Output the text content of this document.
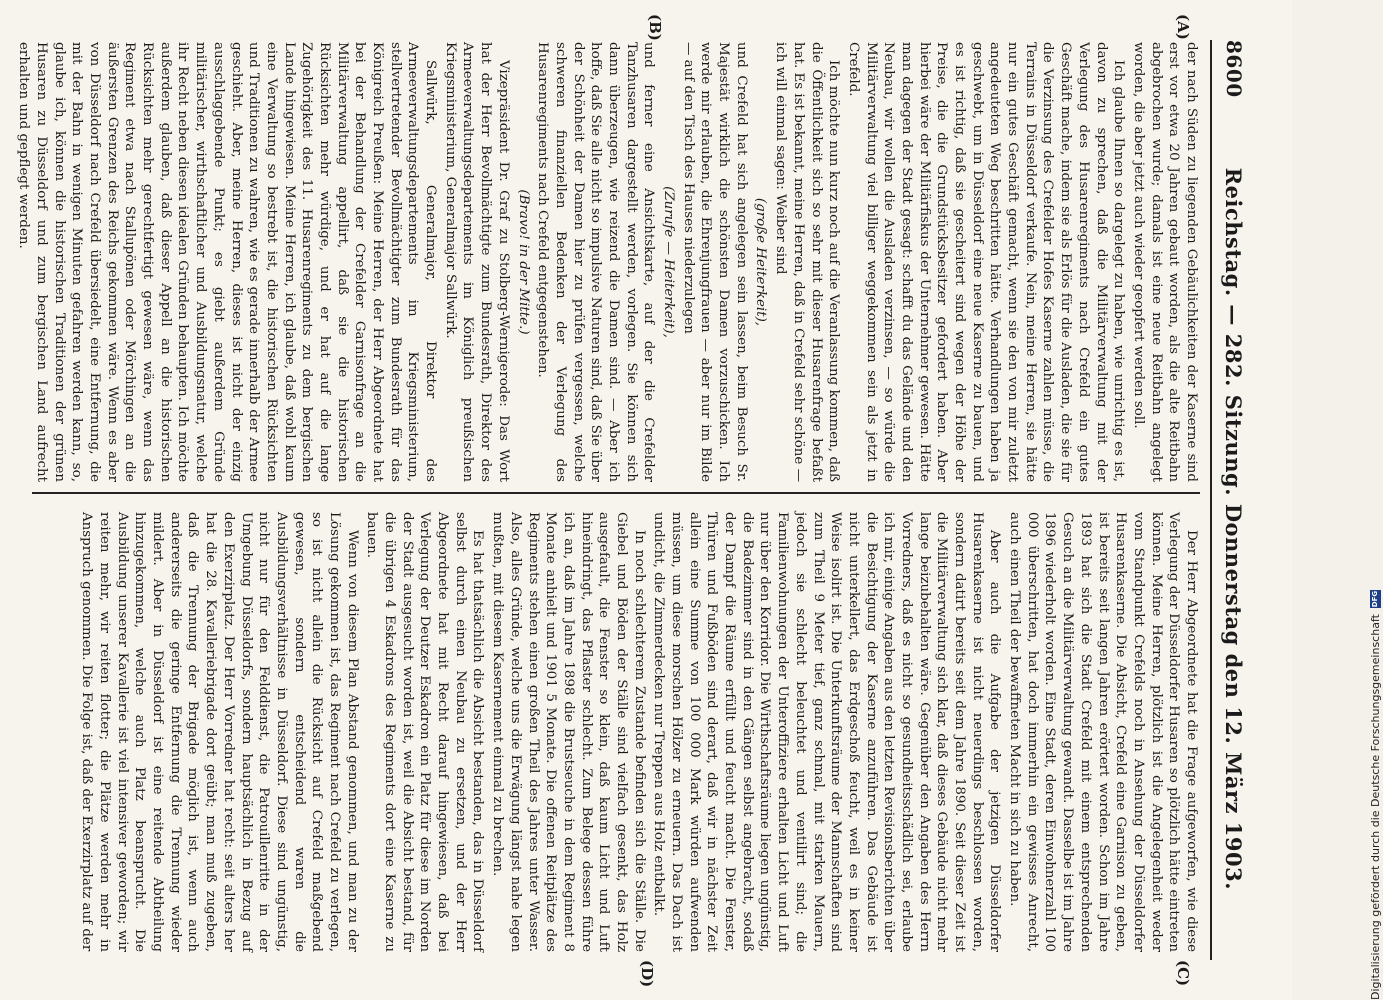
8600
Reichstag. — 282. Sitzung. Donnerstag den 12. März 1903.
(A)
(B)
(C)
(D)

der nach Süden zu liegenden Gebäulichkeiten der Kaserne sind erst vor etwa 20 Jahren gebaut worden, als die alte Reitbahn abgebrochen wurde; damals ist eine neue Reitbahn angelegt worden, die aber jetzt auch wieder geopfert werden soll.

Ich glaube Ihnen so dargelegt zu haben, wie unrichtig es ist, davon zu sprechen, daß die Militärverwaltung mit der Verlegung des Husarenregiments nach Crefeld ein gutes Geschäft mache, indem sie als Erlös für die Ausladen, die sie für die Verzinsung des Crefelder Hofes Kaserne zahlen müsse, die Terrains in Düsseldorf verkaufe. Nein, meine Herren, sie hätte nur ein gutes Geschäft gemacht, wenn sie den von mir zuletzt angedeuteten Weg beschritten hätte. Verhandlungen haben ja geschwebt, um in Düsseldorf eine neue Kaserne zu bauen, und es ist richtig, daß sie gescheitert sind wegen der Höhe der Preise, die die Grundstücksbesitzer gefordert haben. Aber hierbei wäre der Militärfiskus der Unternehmer gewesen. Hätte man dagegen der Stadt gesagt: schafft du das Gelände und den Neubau, wir wollen die Ausladen verzinsen, — so würde die Militärverwaltung viel billiger weggekommen sein als jetzt in Crefeld.

Ich möchte nun kurz noch auf die Veranlassung kommen, daß die Öffentlichkeit sich so sehr mit dieser Husarenfrage befaßt hat. Es ist bekannt, meine Herren, daß in Crefeld sehr schöne — ich will einmal sagen: Weiber sind

(große Heiterkeit),

und Crefeld hat sich angelegen sein lassen, beim Besuch Sr. Majestät wirklich die schönsten Damen vorzuschicken. Ich werde mir erlauben, die Ehrenjungfrauen — aber nur im Bilde — auf den Tisch des Hauses niederzulegen

(Zurufe — Heiterkeit),

und ferner eine Ansichtskarte, auf der die Crefelder Tanzhusaren dargestellt werden, vorlegen. Sie können sich dann überzeugen, wie reizend die Damen sind. — Aber ich hoffe, daß Sie alle nicht so impulsive Naturen sind, daß Sie über der Schönheit der Damen hier zu prüfen vergessen, welche schweren finanziellen Bedenken der Verlegung des Husarenregiments nach Crefeld entgegenstehen.

(Bravo! in der Mitte.)

Vizepräsident Dr. Graf zu Stolberg-Wernigerode: Das Wort hat der Herr Bevollmächtigte zum Bundesrath, Direktor des Armeeverwaltungsdepartements im Königlich preußischen Kriegsministerium, Generalmajor Sallwürk.

Sallwürk, Generalmajor, Direktor des Armeeverwaltungsdepartements im Kriegsministerium, stellvertretender Bevollmächtigter zum Bundesrath für das Königreich Preußen: Meine Herren, der Herr Abgeordnete hat bei der Behandlung der Crefelder Garnisonfrage an die Militärverwaltung appellirt, daß sie die historischen Rücksichten mehr würdige, und er hat auf die lange Zugehörigkeit des 11. Husarenregiments zu dem bergischen Lande hingewiesen. Meine Herren, ich glaube, daß wohl kaum eine Verwaltung so bestrebt ist, die historischen Rücksichten und Traditionen zu wahren, wie es gerade innerhalb der Armee geschieht. Aber, meine Herren, dieses ist nicht der einzig ausschlaggebende Punkt; es giebt außerdem Gründe militärischer, wirthschaftlicher und Ausbildungsnatur, welche ihr Recht neben diesen idealen Gründen behaupten. Ich möchte außerdem glauben, daß dieser Appell an die historischen Rücksichten mehr gerechtfertigt gewesen wäre, wenn das Regiment etwa nach Stallupönen oder Mörchingen an die äußersten Grenzen des Reichs gekommen wäre. Wenn es aber von Düsseldorf nach Crefeld übersiedelt, eine Entfernung, die mit der Bahn in wenigen Minuten gefahren werden kann, so, glaube ich, können die historischen Traditionen der grünen Husaren zu Düsseldorf und zum bergischen Land aufrecht erhalten und gepflegt werden.

Der Herr Abgeordnete hat die Frage aufgeworfen, wie diese Verlegung der Düsseldorfer Husaren so plötzlich hätte eintreten können. Meine Herren, plötzlich ist die Angelegenheit weder vom Standpunkt Crefelds noch in Ansehung der Düsseldorfer Husarenkaserne. Die Absicht, Crefeld eine Garnison zu geben, ist bereits seit langen Jahren erörtert worden. Schon im Jahre 1893 hat sich die Stadt Crefeld mit einem entsprechenden Gesuch an die Militärverwaltung gewandt. Dasselbe ist im Jahre 1896 wiederholt worden. Eine Stadt, deren Einwohnerzahl 100 000 überschritten, hat doch immerhin ein gewisses Anrecht, auch einen Theil der bewaffneten Macht in sich zu haben.

Aber auch die Aufgabe der jetzigen Düsseldorfer Husarenkaserne ist nicht neuerdings beschlossen worden, sondern datirt bereits seit dem Jahre 1890. Seit dieser Zeit ist die Militärverwaltung sich klar, daß dieses Gebäude nicht mehr lange beizubehalten wäre. Gegenüber den Angaben des Herrn Vorredners, daß es nicht so gesundheitsschädlich sei, erlaube ich mir, einige Angaben aus den letzten Revisionsberichten über die Besichtigung der Kaserne anzuführen. Das Gebäude ist nicht unterkellert, das Erdgeschoß feucht, weil es in keiner Weise isolirt ist. Die Unterkunftsräume der Mannschaften sind zum Theil 9 Meter tief, ganz schmal, mit starken Mauern, jedoch sie schlecht beleuchtet und ventilirt sind; die Familienwohnungen der Unteroffiziere erhalten Licht und Luft nur über den Korridor. Die Wirthschaftsräume liegen ungünstig, die Badezimmer sind in den Gängen selbst angebracht, sodaß der Dampf die Räume erfüllt und feucht macht. Die Fenster, Thüren und Fußböden sind derart, daß wir in nächster Zeit allein eine Summe von 100 000 Mark würden aufwenden müssen, um diese morschen Hölzer zu erneuern. Das Dach ist undicht, die Zimmerdecken nur Treppen aus Holz entbalkt.

In noch schlechterem Zustande befinden sich die Ställe. Die Giebel und Böden der Ställe sind vielfach gesenkt, das Holz ausgefault, die Fenster so klein, daß kaum Licht und Luft hineindringt, das Pflaster schlecht. Zum Belege dessen führe ich an, daß im Jahre 1898 die Brustseuche in dem Regiment 8 Monate anhielt und 1901 5 Monate. Die offenen Reitplätze des Regiments stehen einen großen Theil des Jahres unter Wasser. Also, alles Gründe, welche uns die Erwägung längst nahe legen mußten, mit diesem Kasernement einmal zu brechen.

Es hat thatsächlich die Absicht bestanden, das in Düsseldorf selbst durch einen Neubau zu ersetzen, und der Herr Abgeordnete hat mit Recht darauf hingewiesen, daß bei Verlegung der Deutzer Eskadron ein Platz für diese im Norden der Stadt ausgesucht worden ist, weil die Absicht bestand, für die übrigen 4 Eskadrons des Regiments dort eine Kaserne zu bauen.

Wenn von diesem Plan Abstand genommen, und man zu der Lösung gekommen ist, das Regiment nach Crefeld zu verlegen, so ist nicht allein die Rücksicht auf Crefeld maßgebend gewesen, sondern entscheidend waren die Ausbildungsverhältnisse in Düsseldorf. Diese sind ungünstig, nicht nur für den Felddienst, die Patrouillenritte in der Umgebung Düsseldorfs, sondern hauptsächlich in Bezug auf den Exerzirplatz. Der Herr Vorredner hat recht: seit alters her hat die 28. Kavalleriebrigade dort geübt; man muß zugeben, daß die Trennung der Brigade möglich ist, wenn auch andererseits die geringe Entfernung die Trennung wieder mildert. Aber in Düsseldorf ist eine reitende Abtheilung hinzugekommen, welche auch Platz beansprucht. Die Ausbildung unserer Kavallerie ist viel intensiver geworden; wir reiten mehr, wir reiten flotter; die Plätze werden mehr in Anspruch genommen. Die Folge ist, daß der Exerzirplatz auf der	Digitalisierung gefördert durch die Deutsche Forschungsgemeinschaft
DFG
